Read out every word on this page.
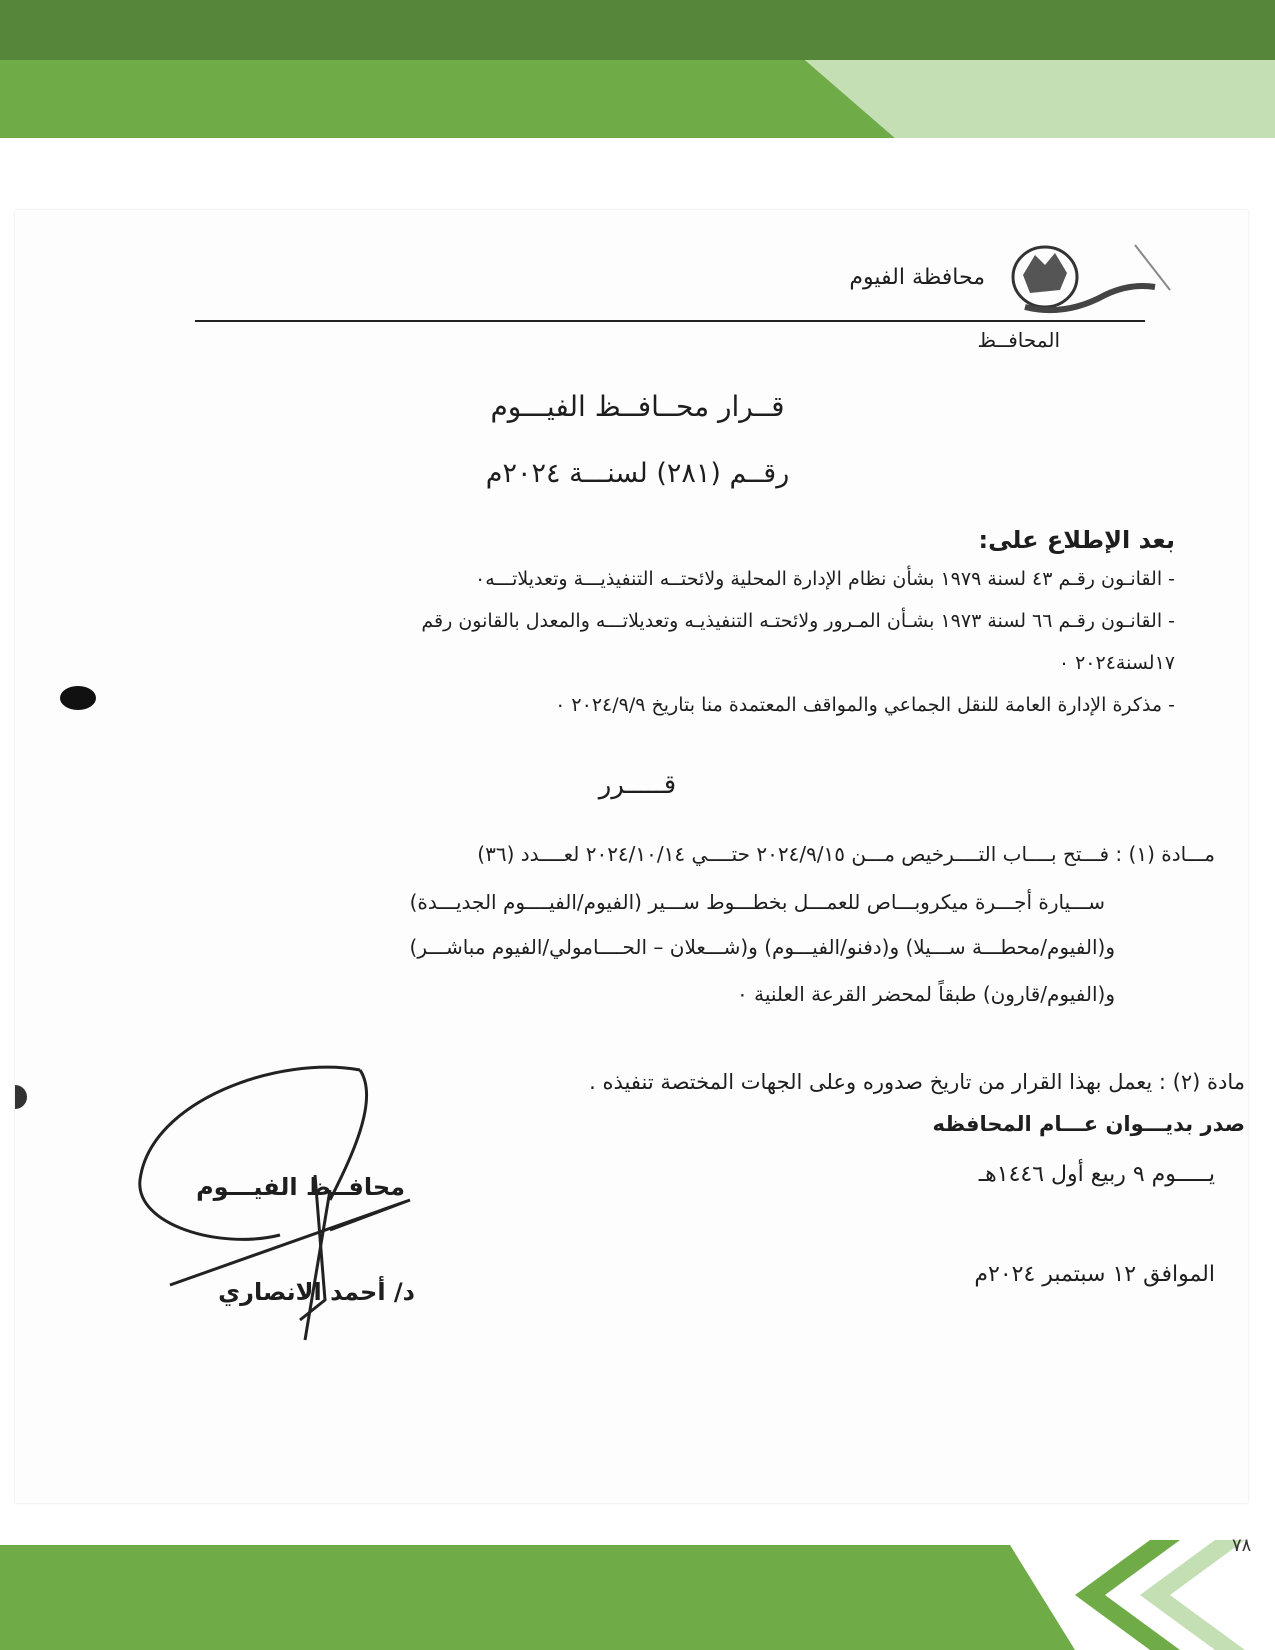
محافظة الفيوم
المحافــظ
قــرار محــافــظ الفيـــوم
رقــم (٢٨١) لسنـــة ٢٠٢٤م
بعد الإطلاع على:
- القانـون رقـم ٤٣ لسنة ١٩٧٩ بشأن نظام الإدارة المحلية ولائحتــه التنفيذيـــة وتعديلاتـــه٠
- القانـون رقـم ٦٦ لسنة ١٩٧٣ بشـأن المـرور ولائحتـه التنفيذيـه وتعديلاتـــه والمعدل بالقانون رقم
١٧لسنة٢٠٢٤ ٠
- مذكرة الإدارة العامة للنقل الجماعي والمواقف المعتمدة منا بتاريخ ٢٠٢٤/٩/٩ ٠
قـــــرر
مـــادة (١) : فـــتح بــــاب التــــرخيص مـــن ٢٠٢٤/٩/١٥ حتــــي ٢٠٢٤/١٠/١٤ لعــــدد (٣٦)
ســـيارة أجـــرة ميكروبـــاص للعمـــل بخطـــوط ســـير (الفيوم/الفيــــوم الجديـــدة)
و(الفيوم/محطـــة ســـيلا) و(دفنو/الفيـــوم) و(شـــعلان – الحــــامولي/الفيوم مباشـــر)
و(الفيوم/قارون) طبقاً لمحضر القرعة العلنية ٠
مادة (٢) : يعمل بهذا القرار من تاريخ صدوره وعلى الجهات المختصة تنفيذه .
صدر بديـــوان عـــام المحافظه
يـــــوم ٩ ربيع أول ١٤٤٦هـ
الموافق ١٢ سبتمبر ٢٠٢٤م
محافــظ الفيـــوم
د/ أحمد الانصاري
٧٨
